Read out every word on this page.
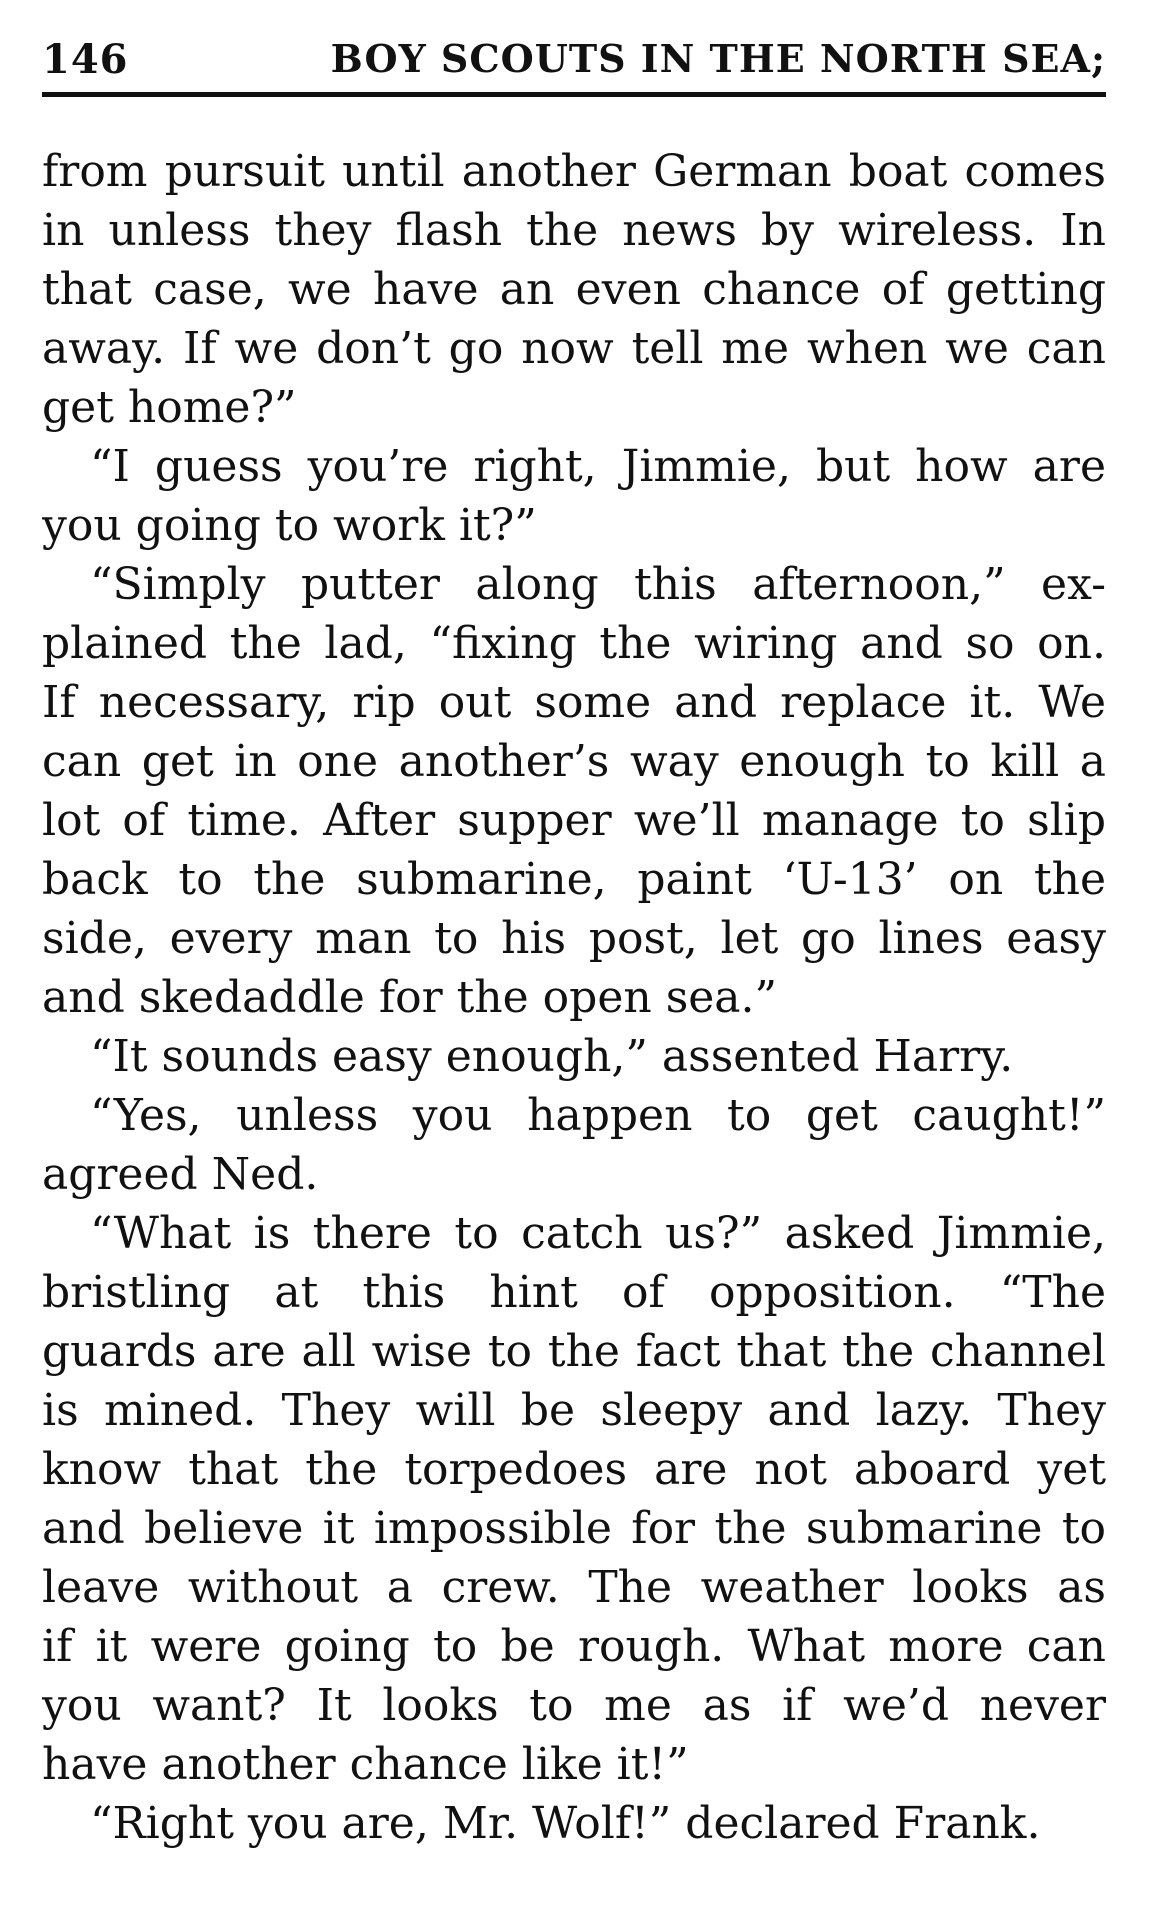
146	BOY SCOUTS IN THE NORTH SEA;
from pursuit until another German boat comes
in unless they flash the news by wireless. In
that case, we have an even chance of getting
away. If we don’t go now tell me when we can
get home?”
“I guess you’re right, Jimmie, but how are
you going to work it?”
“Simply putter along this afternoon,” ex-
plained the lad, “fixing the wiring and so on.
If necessary, rip out some and replace it. We
can get in one another’s way enough to kill a
lot of time. After supper we’ll manage to slip
back to the submarine, paint ‘U-13’ on the
side, every man to his post, let go lines easy
and skedaddle for the open sea.”
“It sounds easy enough,” assented Harry.
“Yes, unless you happen to get caught!”
agreed Ned.
“What is there to catch us?” asked Jimmie,
bristling at this hint of opposition. “The
guards are all wise to the fact that the channel
is mined. They will be sleepy and lazy. They
know that the torpedoes are not aboard yet
and believe it impossible for the submarine to
leave without a crew. The weather looks as
if it were going to be rough. What more can
you want? It looks to me as if we’d never
have another chance like it!”
“Right you are, Mr. Wolf!” declared Frank.
